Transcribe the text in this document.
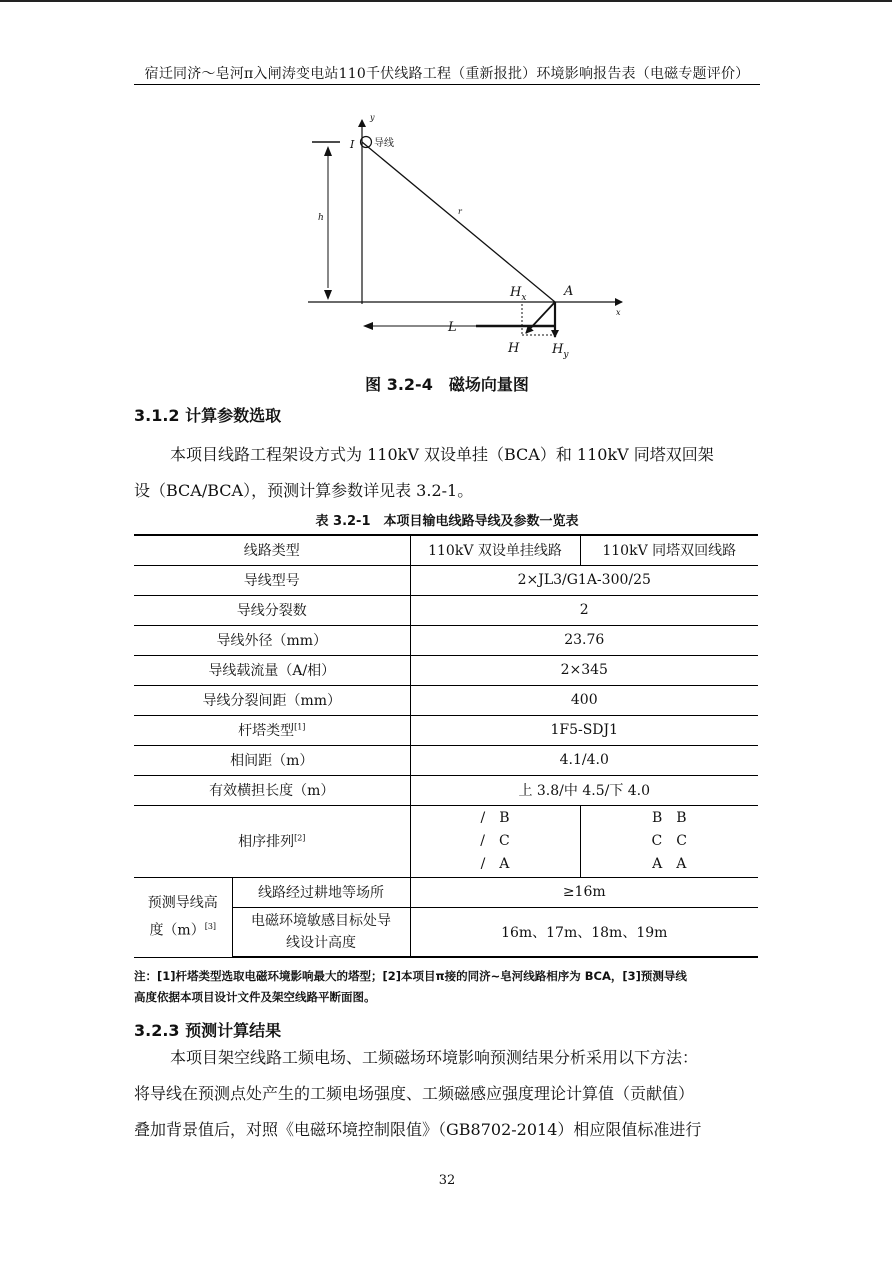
宿迁同济～皂河π入闸涛变电站110千伏线路工程（重新报批）环境影响报告表（电磁专题评价）
y
x
I 导线
h
r
A
$H_x$
H	$H_y$
L
图 3.2-4　磁场向量图
3.1.2 计算参数选取
本项目线路工程架设方式为 110kV 双设单挂（BCA）和 110kV 同塔双回架
设（BCA/BCA），预测计算参数详见表 3.2-1。
表 3.2-1　本项目输电线路导线及参数一览表
线路类型		110kV 双设单挂线路	110kV 同塔双回线路
导线型号		2×JL3/G1A-300/25	
导线分裂数		2	
导线外径（mm）		23.76	
导线载流量（A/相）		2×345	
导线分裂间距（mm）		400	
杆塔类型[1]		1F5-SDJ1	
相间距（m）		4.1/4.0	
有效横担长度（m）		上 3.8/中 4.5/下 4.0	
相序排列[2]		/　B
/　C
/　A	B　B
C　C
A　A

预测导线高
度（m）[3]	线路经过耕地等场所	≥16m	

	电磁环境敏感目标处导
线设计高度	16m、17m、18m、19m	
注：[1]杆塔类型选取电磁环境影响最大的塔型；[2]本项目π接的同济~皂河线路相序为 BCA，[3]预测导线
高度依据本项目设计文件及架空线路平断面图。
3.2.3 预测计算结果
本项目架空线路工频电场、工频磁场环境影响预测结果分析采用以下方法：
将导线在预测点处产生的工频电场强度、工频磁感应强度理论计算值（贡献值）
叠加背景值后，对照《电磁环境控制限值》（GB8702-2014）相应限值标准进行
32
